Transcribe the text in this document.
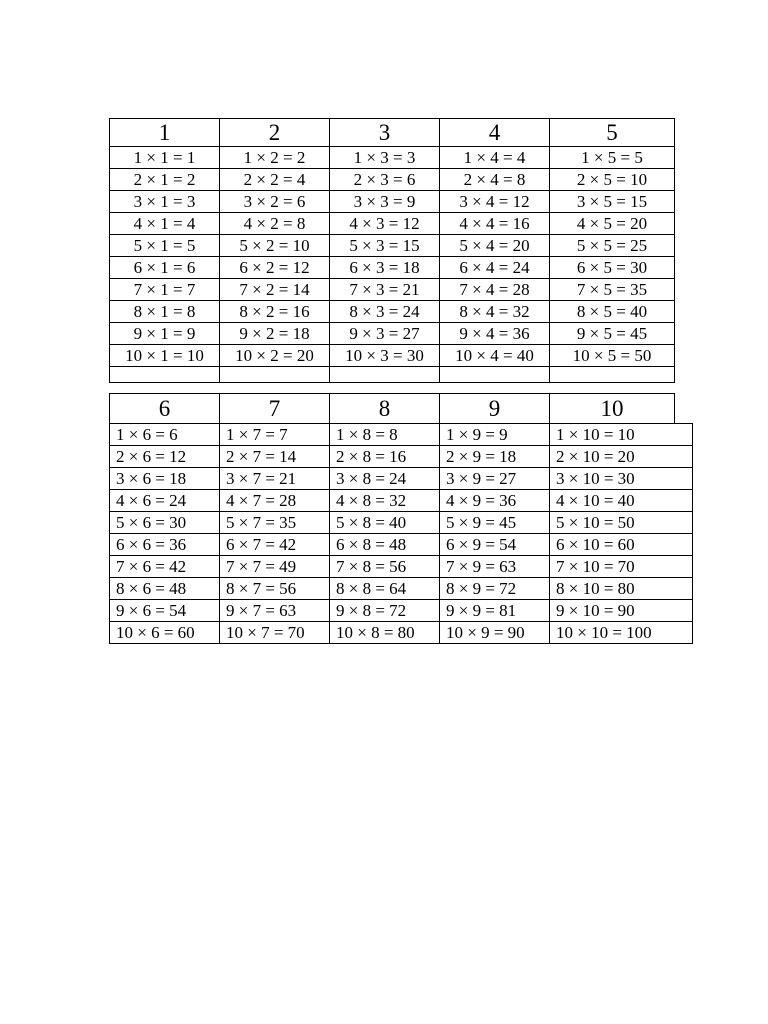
1	2	3	4	5
1 × 1 = 1	1 × 2 = 2	1 × 3 = 3	1 × 4 = 4	1 × 5 = 5
2 × 1 = 2	2 × 2 = 4	2 × 3 = 6	2 × 4 = 8	2 × 5 = 10
3 × 1 = 3	3 × 2 = 6	3 × 3 = 9	3 × 4 = 12	3 × 5 = 15
4 × 1 = 4	4 × 2 = 8	4 × 3 = 12	4 × 4 = 16	4 × 5 = 20
5 × 1 = 5	5 × 2 = 10	5 × 3 = 15	5 × 4 = 20	5 × 5 = 25
6 × 1 = 6	6 × 2 = 12	6 × 3 = 18	6 × 4 = 24	6 × 5 = 30
7 × 1 = 7	7 × 2 = 14	7 × 3 = 21	7 × 4 = 28	7 × 5 = 35
8 × 1 = 8	8 × 2 = 16	8 × 3 = 24	8 × 4 = 32	8 × 5 = 40
9 × 1 = 9	9 × 2 = 18	9 × 3 = 27	9 × 4 = 36	9 × 5 = 45
10 × 1 = 10	10 × 2 = 20	10 × 3 = 30	10 × 4 = 40	10 × 5 = 50

6	7	8	9	10
1 × 6 = 6	1 × 7 = 7	1 × 8 = 8	1 × 9 = 9	1 × 10 = 10
2 × 6 = 12	2 × 7 = 14	2 × 8 = 16	2 × 9 = 18	2 × 10 = 20
3 × 6 = 18	3 × 7 = 21	3 × 8 = 24	3 × 9 = 27	3 × 10 = 30
4 × 6 = 24	4 × 7 = 28	4 × 8 = 32	4 × 9 = 36	4 × 10 = 40
5 × 6 = 30	5 × 7 = 35	5 × 8 = 40	5 × 9 = 45	5 × 10 = 50
6 × 6 = 36	6 × 7 = 42	6 × 8 = 48	6 × 9 = 54	6 × 10 = 60
7 × 6 = 42	7 × 7 = 49	7 × 8 = 56	7 × 9 = 63	7 × 10 = 70
8 × 6 = 48	8 × 7 = 56	8 × 8 = 64	8 × 9 = 72	8 × 10 = 80
9 × 6 = 54	9 × 7 = 63	9 × 8 = 72	9 × 9 = 81	9 × 10 = 90
10 × 6 = 60	10 × 7 = 70	10 × 8 = 80	10 × 9 = 90	10 × 10 = 100
